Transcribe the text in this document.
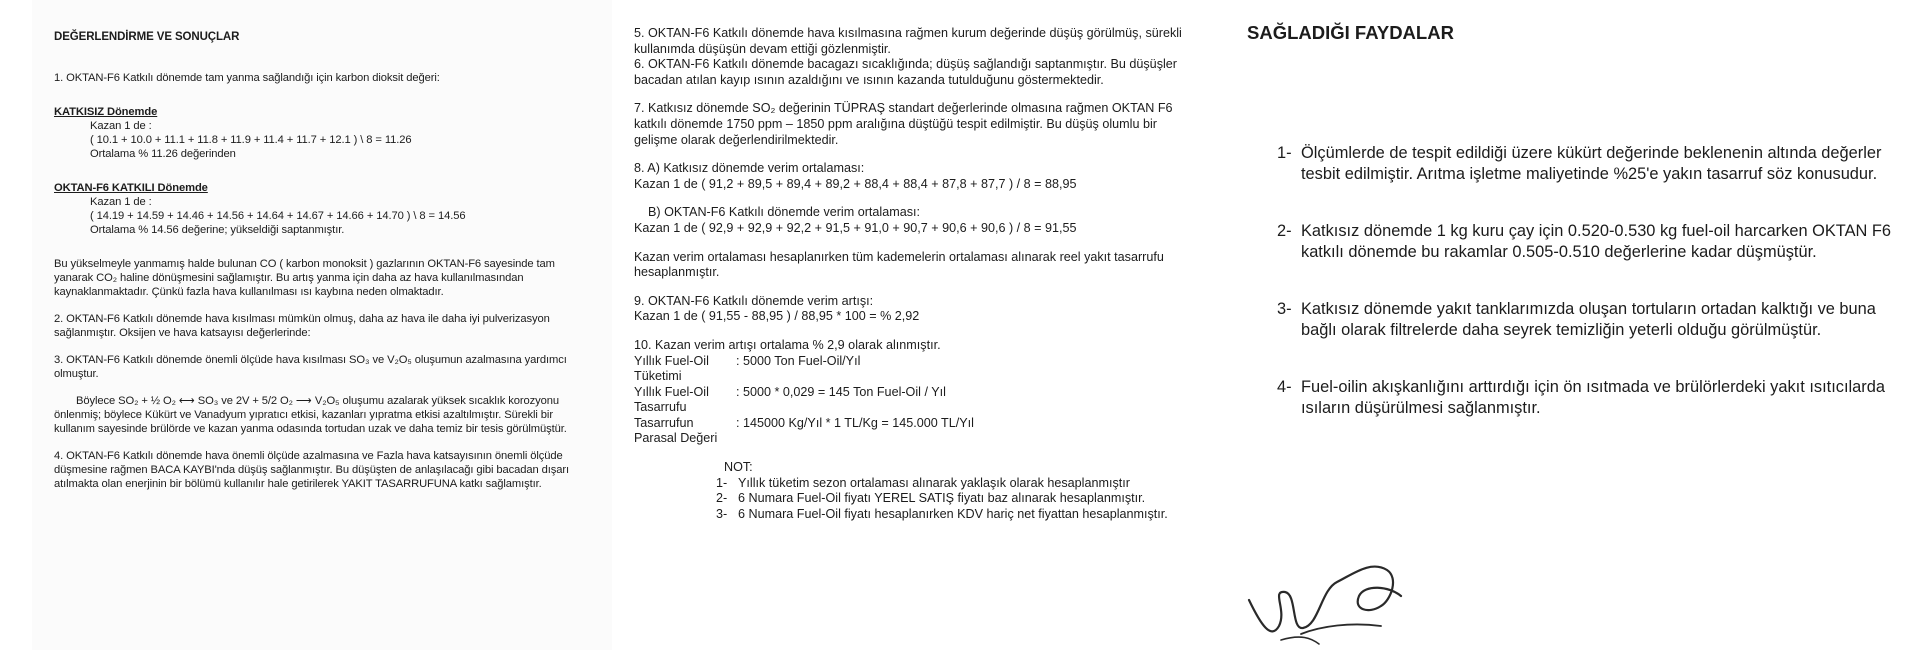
DEĞERLENDİRME VE SONUÇLAR

1. OKTAN-F6 Katkılı dönemde tam yanma sağlandığı için karbon dioksit değeri:

KATKISIZ Dönemde

Kazan 1 de :

( 10.1 + 10.0 + 11.1 + 11.8 + 11.9 + 11.4 + 11.7 + 12.1 ) \ 8 = 11.26

Ortalama % 11.26 değerinden

OKTAN-F6 KATKILI Dönemde

Kazan 1 de :

( 14.19 + 14.59 + 14.46 + 14.56 + 14.64 + 14.67 + 14.66 + 14.70 ) \ 8 = 14.56

Ortalama % 14.56 değerine; yükseldiği saptanmıştır.

Bu yükselmeyle yanmamış halde bulunan CO ( karbon monoksit ) gazlarının OKTAN-F6 sayesinde tam yanarak CO₂ haline dönüşmesini sağlamıştır. Bu artış yanma için daha az hava kullanılmasından kaynaklanmaktadır. Çünkü fazla hava kullanılması ısı kaybına neden olmaktadır.

2. OKTAN-F6 Katkılı dönemde hava kısılması mümkün olmuş, daha az hava ile daha iyi pulverizasyon sağlanmıştır. Oksijen ve hava katsayısı değerlerinde:

3. OKTAN-F6 Katkılı dönemde önemli ölçüde hava kısılması SO₃ ve V₂O₅ oluşumun azalmasına yardımcı olmuştur.

Böylece SO₂ + ½ O₂ ⟷ SO₃ ve 2V + 5/2 O₂ ⟶ V₂O₅ oluşumu azalarak yüksek sıcaklık korozyonu önlenmiş; böylece Kükürt ve Vanadyum yıpratıcı etkisi, kazanları yıpratma etkisi azaltılmıştır. Sürekli bir kullanım sayesinde brülörde ve kazan yanma odasında tortudan uzak ve daha temiz bir tesis görülmüştür.

4. OKTAN-F6 Katkılı dönemde hava önemli ölçüde azalmasına ve Fazla hava katsayısının önemli ölçüde düşmesine rağmen BACA KAYBI'nda düşüş sağlanmıştır. Bu düşüşten de anlaşılacağı gibi bacadan dışarı atılmakta olan enerjinin bir bölümü kullanılır hale getirilerek YAKIT TASARRUFUNA katkı sağlamıştır.

5. OKTAN-F6 Katkılı dönemde hava kısılmasına rağmen kurum değerinde düşüş görülmüş, sürekli kullanımda düşüşün devam ettiği gözlenmiştir.

6. OKTAN-F6 Katkılı dönemde bacagazı sıcaklığında; düşüş sağlandığı saptanmıştır. Bu düşüşler bacadan atılan kayıp ısının azaldığını ve ısının kazanda tutulduğunu göstermektedir.

7. Katkısız dönemde SO₂ değerinin TÜPRAŞ standart değerlerinde olmasına rağmen OKTAN F6 katkılı dönemde 1750 ppm – 1850 ppm aralığına düştüğü tespit edilmiştir. Bu düşüş olumlu bir gelişme olarak değerlendirilmektedir.

8. A) Katkısız dönemde verim ortalaması:

Kazan 1 de ( 91,2 + 89,5 + 89,4 + 89,2 + 88,4 + 88,4 + 87,8 + 87,7 ) / 8 = 88,95

B) OKTAN-F6 Katkılı dönemde verim ortalaması:

Kazan 1 de ( 92,9 + 92,9 + 92,2 + 91,5 + 91,0 + 90,7 + 90,6 + 90,6 ) / 8 = 91,55

Kazan verim ortalaması hesaplanırken tüm kademelerin ortalaması alınarak reel yakıt tasarrufu hesaplanmıştır.

9. OKTAN-F6 Katkılı dönemde verim artışı:

Kazan 1 de ( 91,55 - 88,95 ) / 88,95 * 100 = % 2,92

10. Kazan verim artışı ortalama % 2,9 olarak alınmıştır.

Yıllık Fuel-Oil Tüketimi
: 5000 Ton Fuel-Oil/Yıl
Yıllık Fuel-Oil Tasarrufu
: 5000 * 0,029 = 145 Ton Fuel-Oil / Yıl
Tasarrufun Parasal Değeri
: 145000 Kg/Yıl * 1 TL/Kg = 145.000 TL/Yıl

NOT:

1- Yıllık tüketim sezon ortalaması alınarak yaklaşık olarak hesaplanmıştır
2- 6 Numara Fuel-Oil fiyatı YEREL SATIŞ fiyatı baz alınarak hesaplanmıştır.
3- 6 Numara Fuel-Oil fiyatı hesaplanırken KDV hariç net fiyattan hesaplanmıştır.
SAĞLADIĞI FAYDALAR
1- Ölçümlerde de tespit edildiği üzere kükürt değerinde beklenenin altında değerler tesbit edilmiştir. Arıtma işletme maliyetinde %25'e yakın tasarruf söz konusudur.
2- Katkısız dönemde 1 kg kuru çay için 0.520-0.530 kg fuel-oil harcarken OKTAN F6 katkılı dönemde bu rakamlar 0.505-0.510 değerlerine kadar düşmüştür.
3- Katkısız dönemde yakıt tanklarımızda oluşan tortuların ortadan kalktığı ve buna bağlı olarak filtrelerde daha seyrek temizliğin yeterli olduğu görülmüştür.
4- Fuel-oilin akışkanlığını arttırdığı için ön ısıtmada ve brülörlerdeki yakıt ısıtıcılarda ısıların düşürülmesi sağlanmıştır.
